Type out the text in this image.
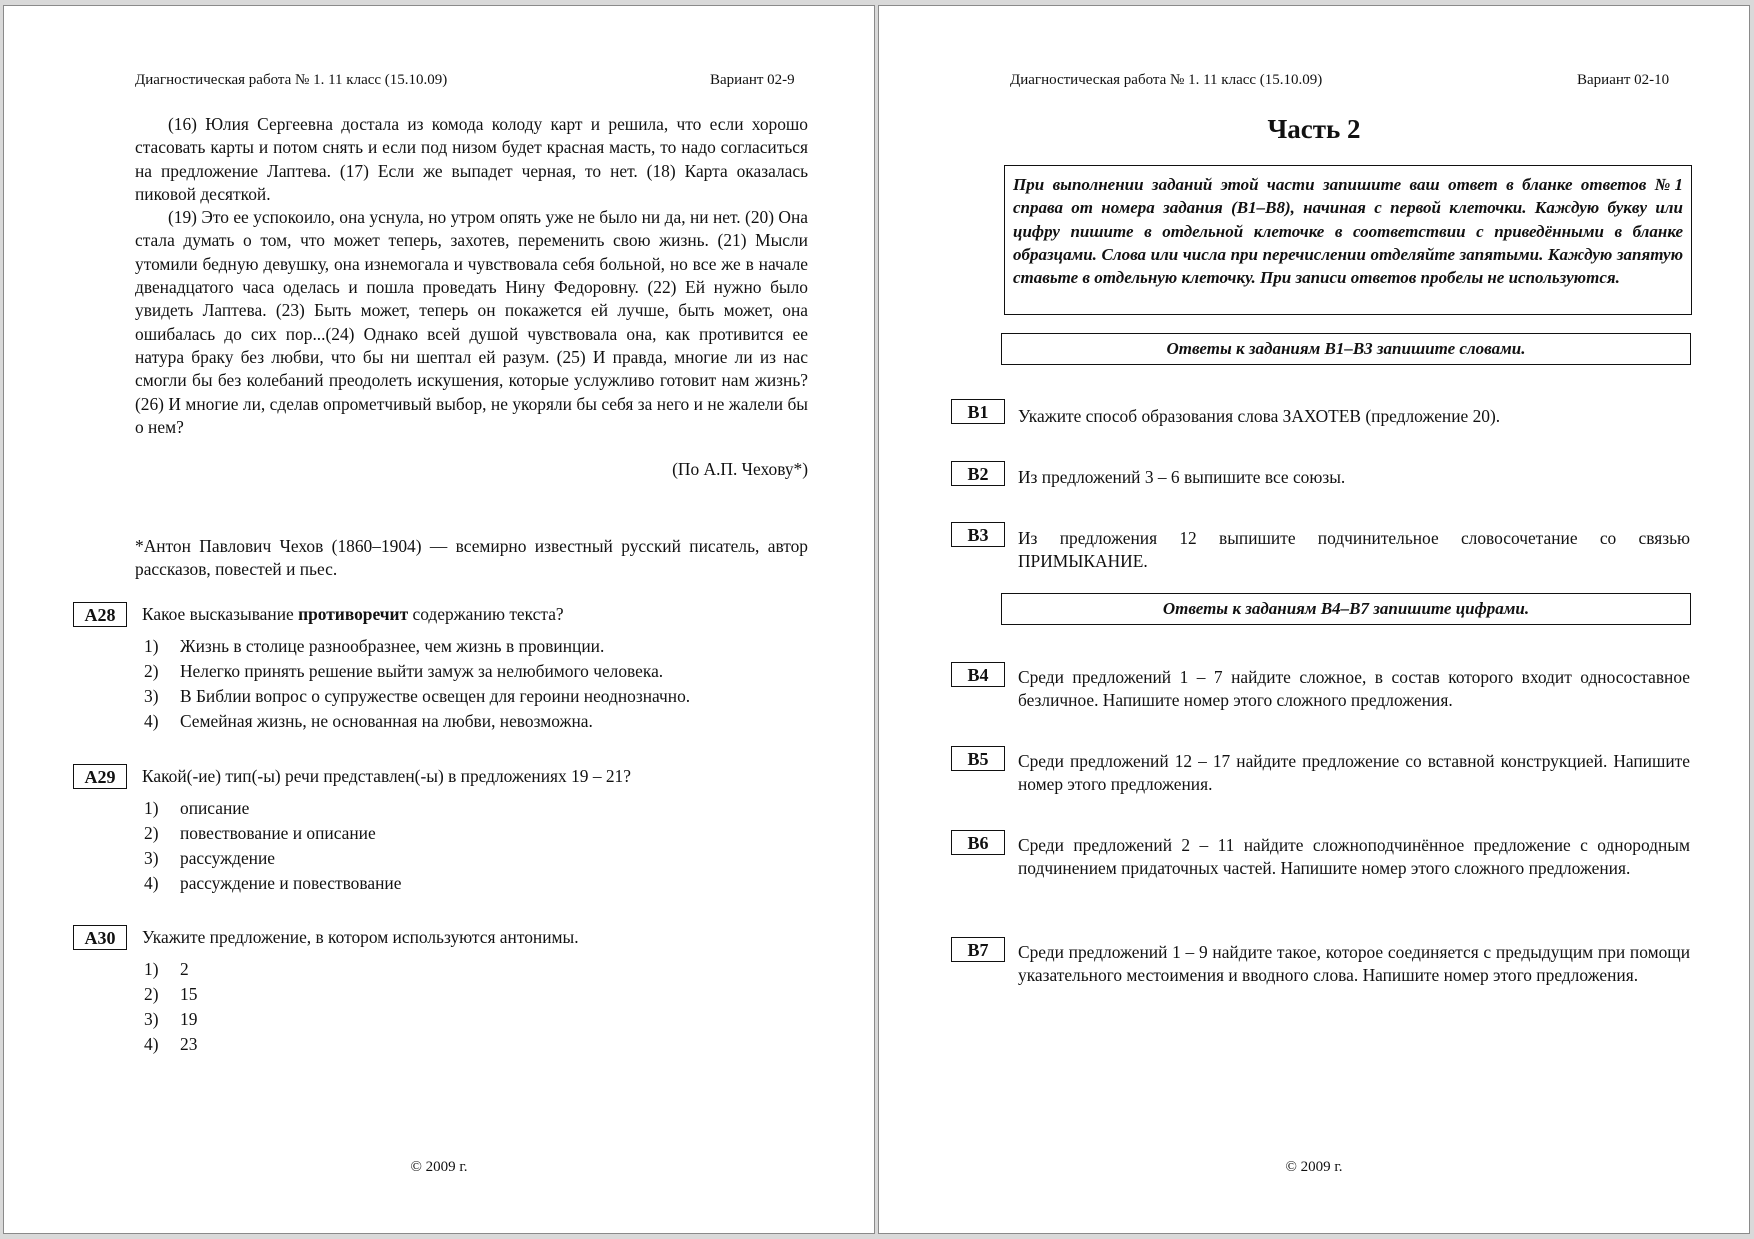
Диагностическая работа № 1. 11 класс (15.10.09)	Вариант 02-9

(16) Юлия Сергеевна достала из комода колоду карт и решила, что если хорошо стасовать карты и потом снять и если под низом будет красная масть, то надо согласиться на предложение Лаптева. (17) Если же выпадет черная, то нет. (18) Карта оказалась пиковой десяткой.

(19) Это ее успокоило, она уснула, но утром опять уже не было ни да, ни нет. (20) Она стала думать о том, что может теперь, захотев, переменить свою жизнь. (21) Мысли утомили бедную девушку, она изнемогала и чувствовала себя больной, но все же в начале двенадцатого часа оделась и пошла проведать Нину Федоровну. (22) Ей нужно было увидеть Лаптева. (23) Быть может, теперь он покажется ей лучше, быть может, она ошибалась до сих пор...(24) Однако всей душой чувствовала она, как противится ее натура браку без любви, что бы ни шептал ей разум. (25) И правда, многие ли из нас смогли бы без колебаний преодолеть искушения, которые услужливо готовит нам жизнь? (26) И многие ли, сделав опрометчивый выбор, не укоряли бы себя за него и не жалели бы о нем?

(По А.П. Чехову*)

*Антон Павлович Чехов (1860–1904) — всемирно известный русский писатель, автор рассказов, повестей и пьес.
А28	Какое высказывание противоречит содержанию текста?
1) Жизнь в столице разнообразнее, чем жизнь в провинции.
2) Нелегко принять решение выйти замуж за нелюбимого человека.
3) В Библии вопрос о супружестве освещен для героини неоднозначно.
4) Семейная жизнь, не основанная на любви, невозможна.
А29	Какой(-ие) тип(-ы) речи представлен(-ы) в предложениях 19 – 21?
1) описание
2) повествование и описание
3) рассуждение
4) рассуждение и повествование
А30	Укажите предложение, в котором используются антонимы.
1) 2
2) 15
3) 19
4) 23
© 2009 г.
Диагностическая работа № 1. 11 класс (15.10.09)	Вариант 02-10
Часть 2
При выполнении заданий этой части запишите ваш ответ в бланке ответов №1 справа от номера задания (В1–В8), начиная с первой клеточки. Каждую букву или цифру пишите в отдельной клеточке в соответствии с приведёнными в бланке образцами. Слова или числа при перечислении отделяйте запятыми. Каждую запятую ставьте в отдельную клеточку. При записи ответов пробелы не используются.
Ответы к заданиям В1–В3 запишите словами.
В1	Укажите способ образования слова ЗАХОТЕВ (предложение 20).
В2	Из предложений 3 – 6 выпишите все союзы.
В3	Из предложения 12 выпишите подчинительное словосочетание со связью ПРИМЫКАНИЕ.
Ответы к заданиям В4–В7 запишите цифрами.
В4	Среди предложений 1 – 7 найдите сложное, в состав которого входит односоставное безличное. Напишите номер этого сложного предложения.
В5	Среди предложений 12 – 17 найдите предложение со вставной конструкцией. Напишите номер этого предложения.
В6	Среди предложений 2 – 11 найдите сложноподчинённое предложение с однородным подчинением придаточных частей. Напишите номер этого сложного предложения.
В7	Среди предложений 1 – 9 найдите такое, которое соединяется с предыдущим при помощи указательного местоимения и вводного слова. Напишите номер этого предложения.
© 2009 г.
